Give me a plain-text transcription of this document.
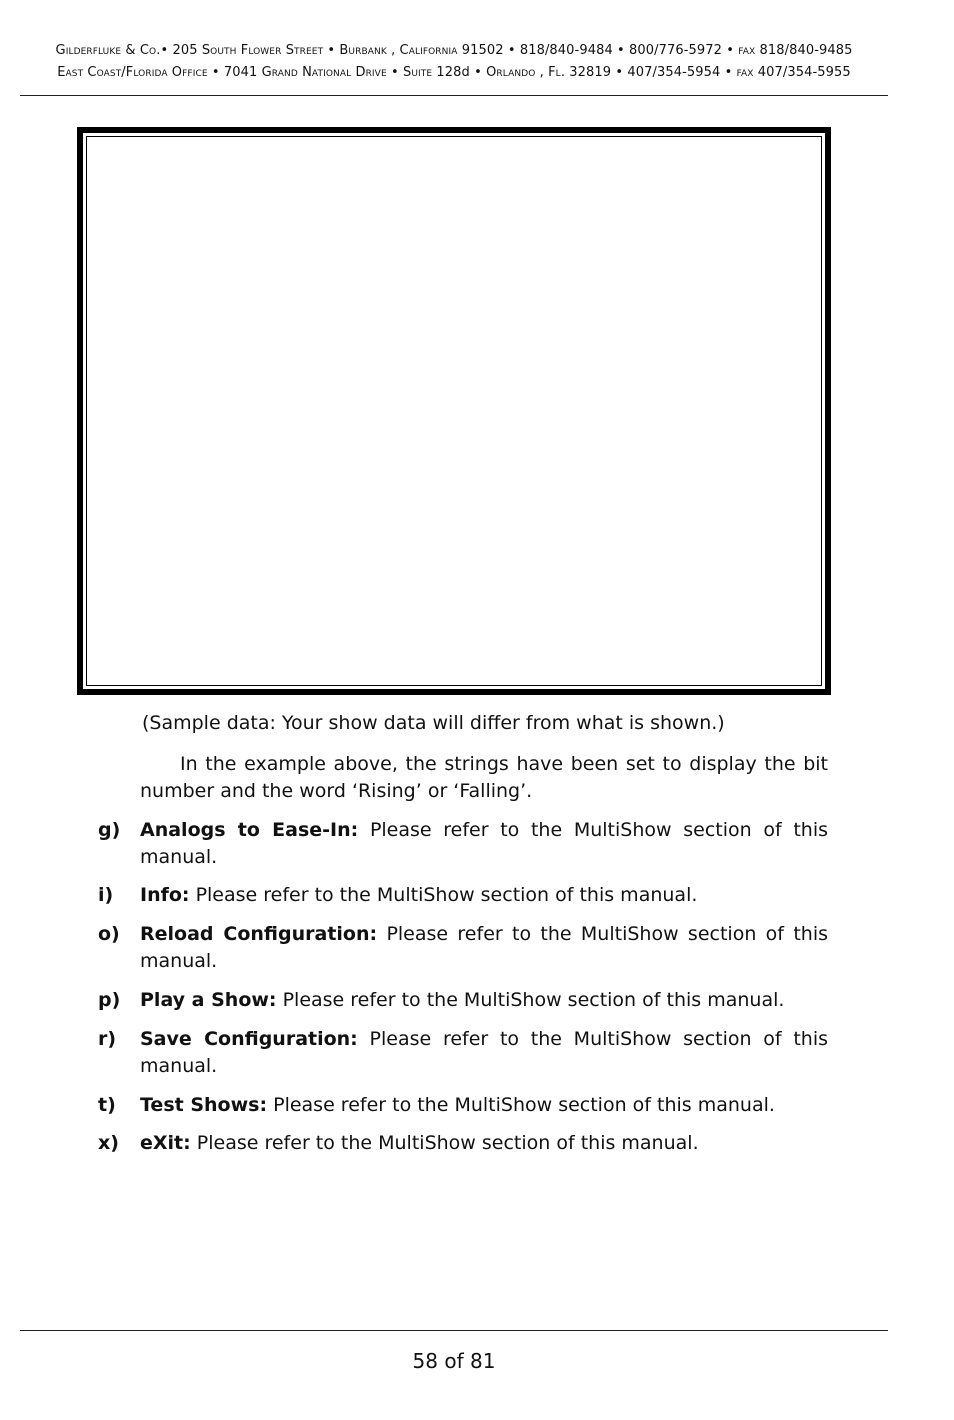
Gilderfluke & Co.• 205 South Flower Street • Burbank , California 91502 • 818/840-9484 • 800/776-5972 • fax 818/840-9485
East Coast/Florida Office • 7041 Grand National Drive • Suite 128d • Orlando , Fl. 32819 • 407/354-5954 • fax 407/354-5955
(Sample data: Your show data will differ from what is shown.)
In the example above, the strings have been set to display the bit number and the word ‘Rising’ or ‘Falling’.
g) Analogs to Ease-In: Please refer to the MultiShow section of this manual.
i) Info: Please refer to the MultiShow section of this manual.
o) Reload Configuration: Please refer to the MultiShow section of this manual.
p) Play a Show: Please refer to the MultiShow section of this manual.
r) Save Configuration: Please refer to the MultiShow section of this manual.
t) Test Shows: Please refer to the MultiShow section of this manual.
x) eXit: Please refer to the MultiShow section of this manual.
58 of 81
